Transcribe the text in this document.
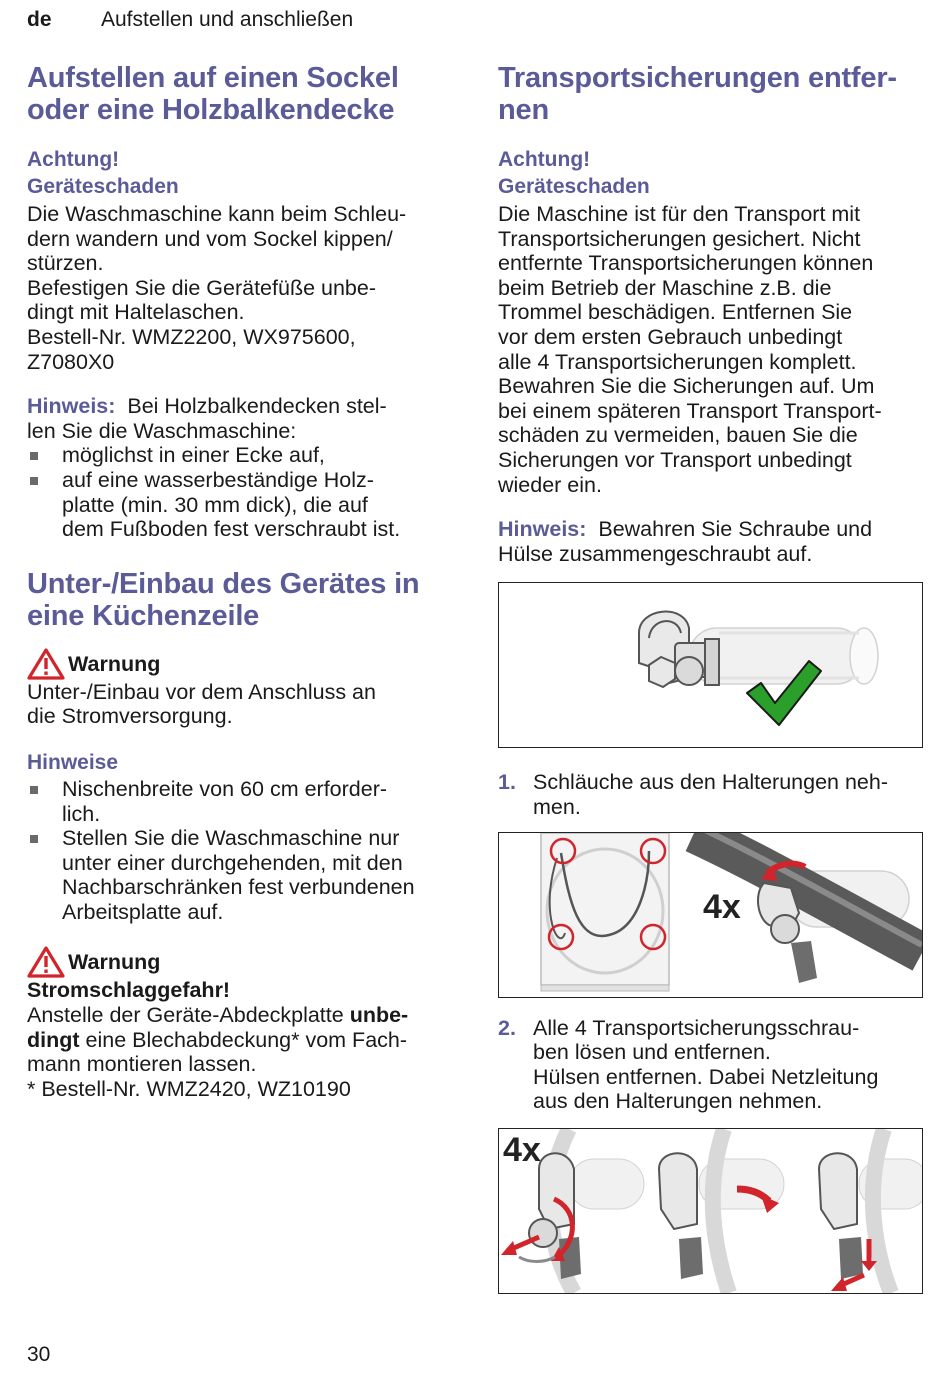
de Aufstellen und anschließen
Aufstellen auf einen Sockel oder eine Holzbalkendecke
Achtung!
Geräteschaden

Die Waschmaschine kann beim Schleu-

dern wandern und vom Sockel kippen/

stürzen.

Befestigen Sie die Gerätefüße unbe-

dingt mit Haltelaschen.

Bestell-Nr. WMZ2200, WX975600,

Z7080X0

Hinweis: Bei Holzbalkendecken stel-

len Sie die Waschmaschine:

möglichst in einer Ecke auf,
auf eine wasserbeständige Holz-
platte (min. 30 mm dick), die auf
dem Fußboden fest verschraubt ist.
Unter-/Einbau des Gerätes in eine Küchenzeile
Warnung

Unter-/Einbau vor dem Anschluss an
die Stromversorgung.

Hinweise
Nischenbreite von 60 cm erforder-
lich.
Stellen Sie die Waschmaschine nur
unter einer durchgehenden, mit den
Nachbarschränken fest verbundenen
Arbeitsplatte auf.
Warnung

Stromschlaggefahr!

Anstelle der Geräte-Abdeckplatte unbe-

dingt eine Blechabdeckung* vom Fach-

mann montieren lassen.

* Bestell-Nr. WMZ2420, WZ10190

Transportsicherungen entfer-
nen
Achtung!
Geräteschaden

Die Maschine ist für den Transport mit
Transportsicherungen gesichert. Nicht
entfernte Transportsicherungen können
beim Betrieb der Maschine z.B. die
Trommel beschädigen. Entfernen Sie
vor dem ersten Gebrauch unbedingt
alle 4 Transportsicherungen komplett.
Bewahren Sie die Sicherungen auf. Um
bei einem späteren Transport Transport-
schäden zu vermeiden, bauen Sie die
Sicherungen vor Transport unbedingt
wieder ein.

Hinweis: Bewahren Sie Schraube und

Hülse zusammengeschraubt auf.

1. Schläuche aus den Halterungen neh-
men.
4x
2. Alle 4 Transportsicherungsschrau-
ben lösen und entfernen.
Hülsen entfernen. Dabei Netzleitung
aus den Halterungen nehmen.
4x
30
